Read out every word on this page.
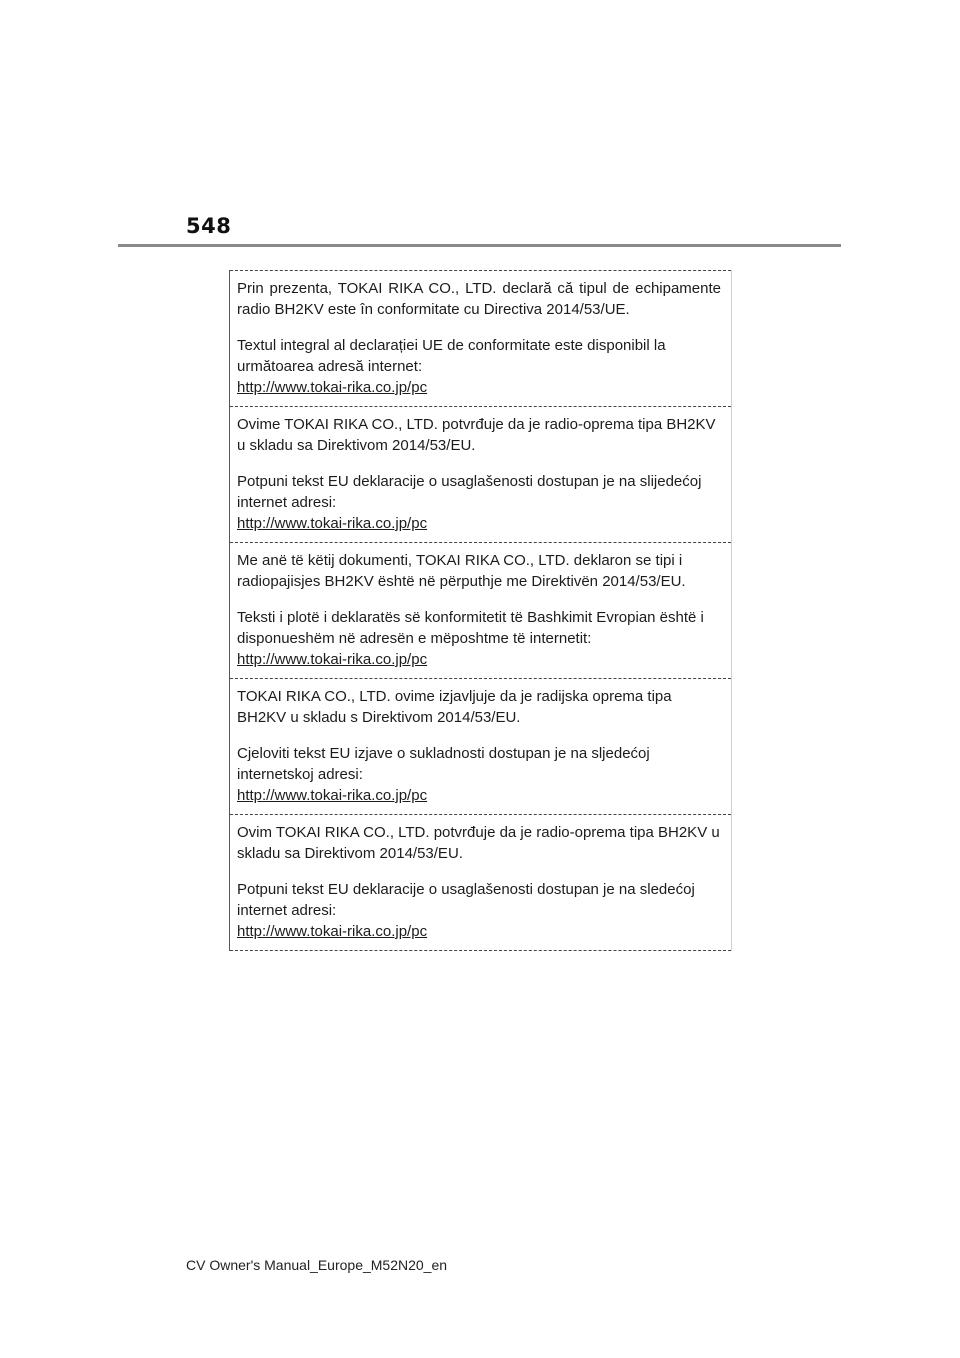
548

Prin prezenta, TOKAI RIKA CO., LTD. declară că tipul de echipamente radio BH2KV este în conformitate cu Directiva 2014/53/UE.

Textul integral al declarației UE de conformitate este disponibil la următoarea adresă internet:
http://www.tokai-rika.co.jp/pc

Ovime TOKAI RIKA CO., LTD. potvrđuje da je radio-oprema tipa BH2KV u skladu sa Direktivom 2014/53/EU.

Potpuni tekst EU deklaracije o usaglašenosti dostupan je na slijedećoj internet adresi:
http://www.tokai-rika.co.jp/pc

Me anë të këtij dokumenti, TOKAI RIKA CO., LTD. deklaron se tipi i radiopajisjes BH2KV është në përputhje me Direktivën 2014/53/EU.

Teksti i plotë i deklaratës së konformitetit të Bashkimit Evropian është i disponueshëm në adresën e mëposhtme të internetit:
http://www.tokai-rika.co.jp/pc

TOKAI RIKA CO., LTD. ovime izjavljuje da je radijska oprema tipa BH2KV u skladu s Direktivom 2014/53/EU.

Cjeloviti tekst EU izjave o sukladnosti dostupan je na sljedećoj internetskoj adresi:
http://www.tokai-rika.co.jp/pc

Ovim TOKAI RIKA CO., LTD. potvrđuje da je radio-oprema tipa BH2KV u skladu sa Direktivom 2014/53/EU.

Potpuni tekst EU deklaracije o usaglašenosti dostupan je na sledećoj internet adresi:
http://www.tokai-rika.co.jp/pc

CV Owner's Manual_Europe_M52N20_en
